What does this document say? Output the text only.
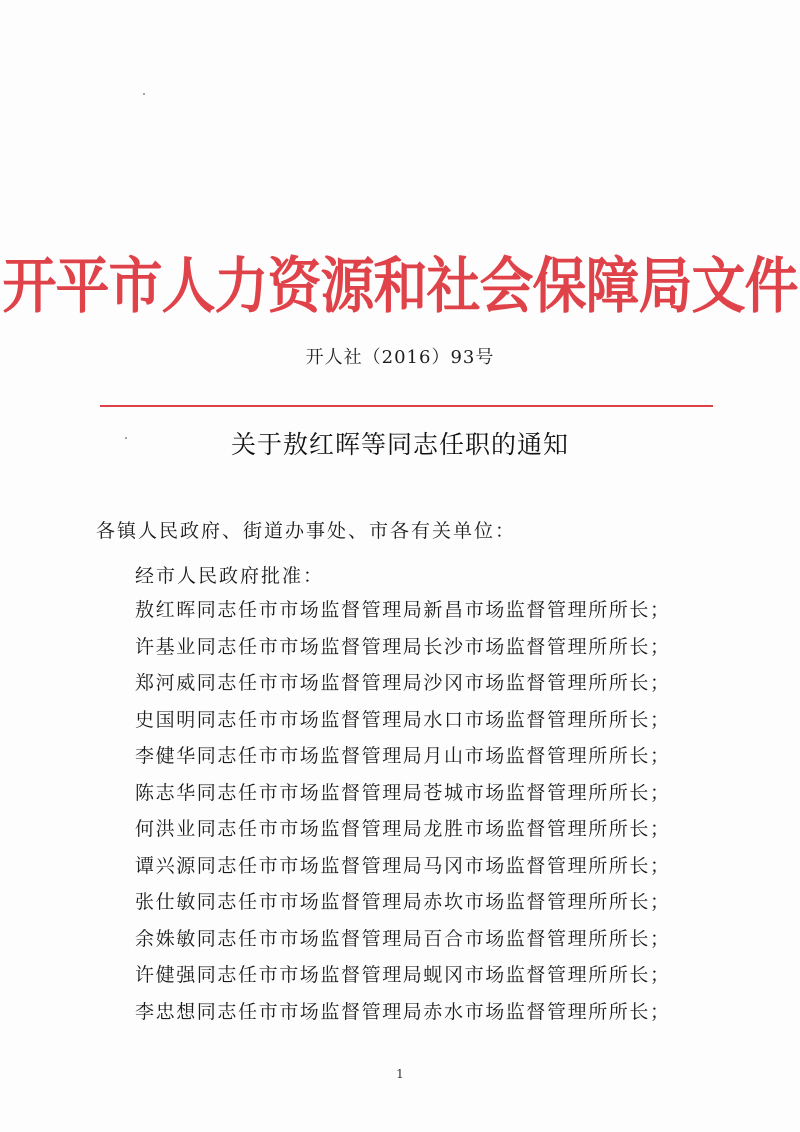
开平市人力资源和社会保障局文件
开人社（2016）93号
关于敖红晖等同志任职的通知
各镇人民政府、街道办事处、市各有关单位：
经市人民政府批准：
敖红晖同志任市市场监督管理局新昌市场监督管理所所长；
许基业同志任市市场监督管理局长沙市场监督管理所所长；
郑河威同志任市市场监督管理局沙冈市场监督管理所所长；
史国明同志任市市场监督管理局水口市场监督管理所所长；
李健华同志任市市场监督管理局月山市场监督管理所所长；
陈志华同志任市市场监督管理局苍城市场监督管理所所长；
何洪业同志任市市场监督管理局龙胜市场监督管理所所长；
谭兴源同志任市市场监督管理局马冈市场监督管理所所长；
张仕敏同志任市市场监督管理局赤坎市场监督管理所所长；
余姝敏同志任市市场监督管理局百合市场监督管理所所长；
许健强同志任市市场监督管理局蚬冈市场监督管理所所长；
李忠想同志任市市场监督管理局赤水市场监督管理所所长；
1
